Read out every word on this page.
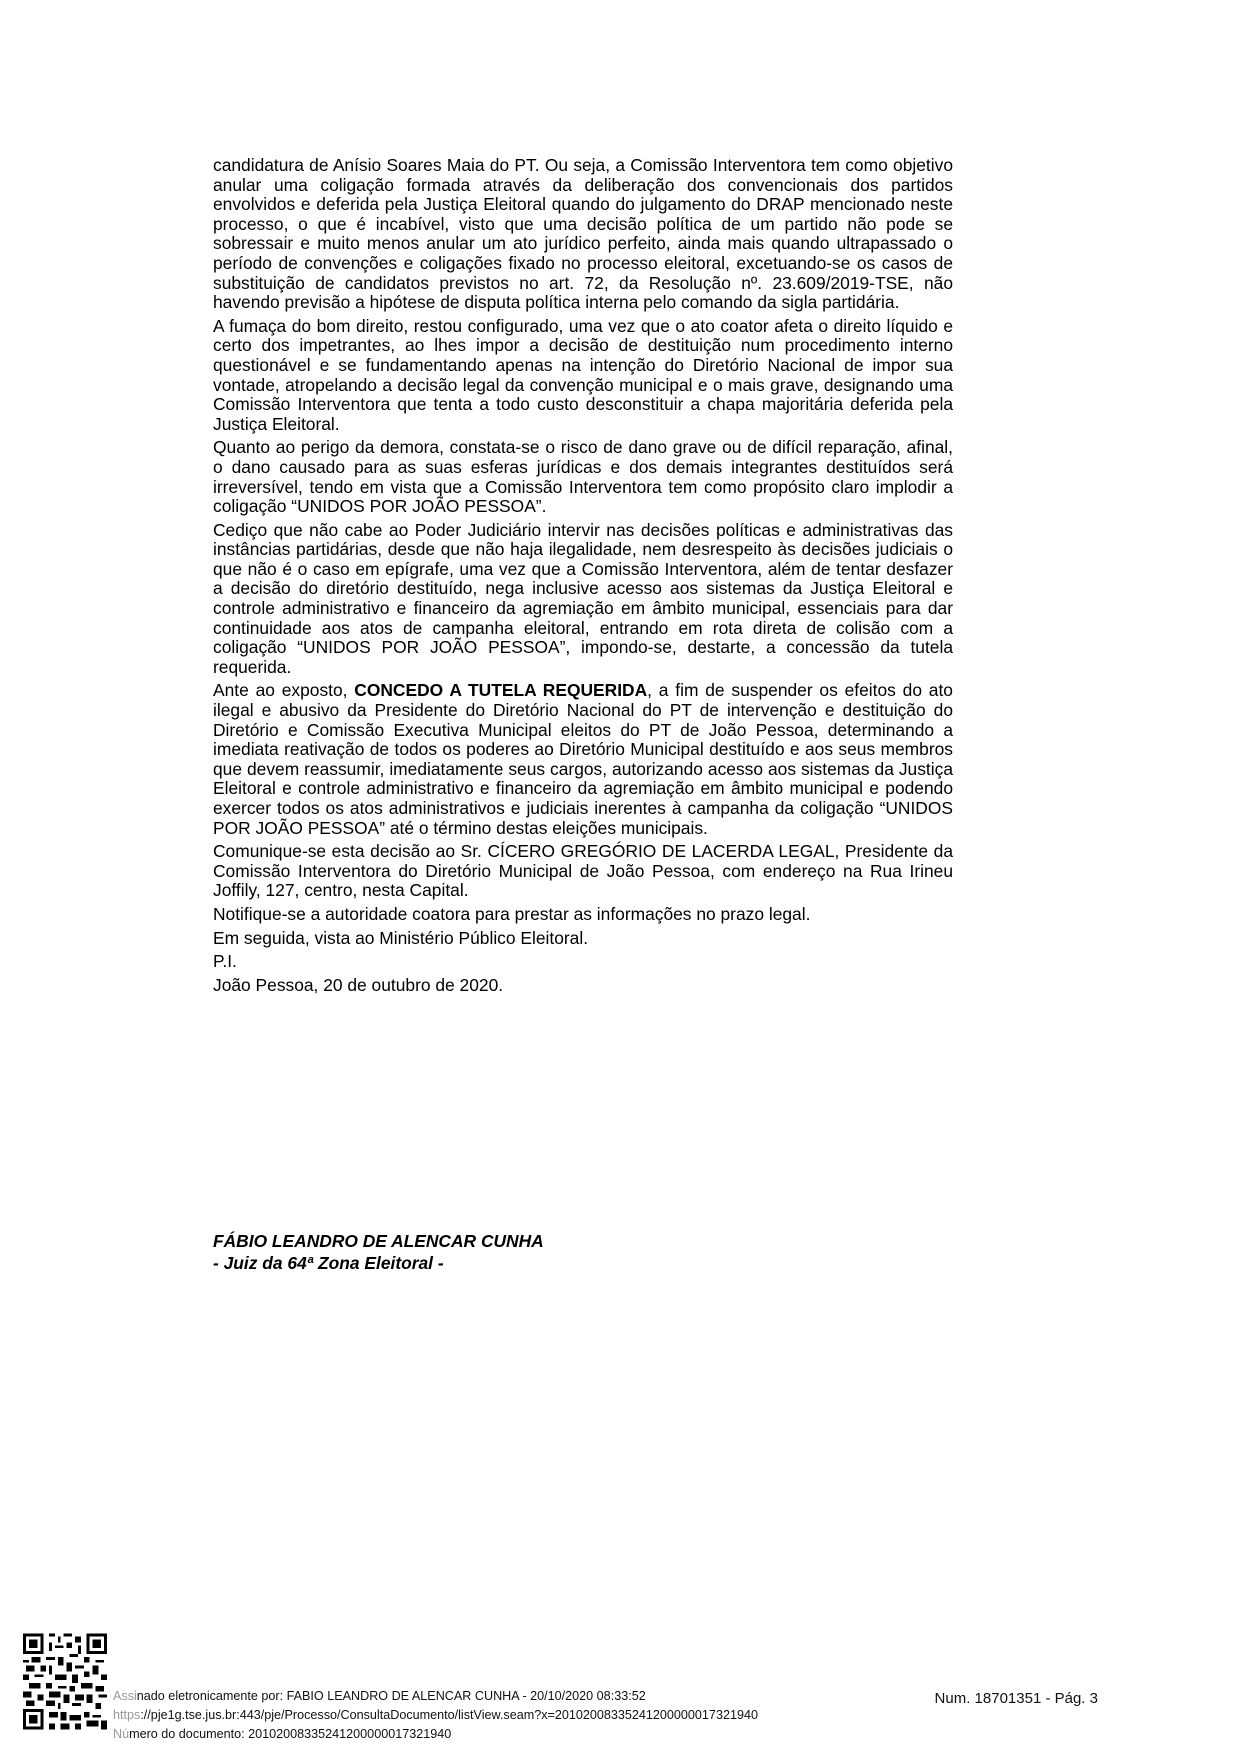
candidatura de Anísio Soares Maia do PT. Ou seja, a Comissão Interventora tem como objetivo anular uma coligação formada através da deliberação dos convencionais dos partidos envolvidos e deferida pela Justiça Eleitoral quando do julgamento do DRAP mencionado neste processo, o que é incabível, visto que uma decisão política de um partido não pode se sobressair e muito menos anular um ato jurídico perfeito, ainda mais quando ultrapassado o período de convenções e coligações fixado no processo eleitoral, excetuando-se os casos de substituição de candidatos previstos no art. 72, da Resolução nº. 23.609/2019-TSE, não havendo previsão a hipótese de disputa política interna pelo comando da sigla partidária.

A fumaça do bom direito, restou configurado, uma vez que o ato coator afeta o direito líquido e certo dos impetrantes, ao lhes impor a decisão de destituição num procedimento interno questionável e se fundamentando apenas na intenção do Diretório Nacional de impor sua vontade, atropelando a decisão legal da convenção municipal e o mais grave, designando uma Comissão Interventora que tenta a todo custo desconstituir a chapa majoritária deferida pela Justiça Eleitoral.

Quanto ao perigo da demora, constata-se o risco de dano grave ou de difícil reparação, afinal, o dano causado para as suas esferas jurídicas e dos demais integrantes destituídos será irreversível, tendo em vista que a Comissão Interventora tem como propósito claro implodir a coligação “UNIDOS POR JOÃO PESSOA”.

Cediço que não cabe ao Poder Judiciário intervir nas decisões políticas e administrativas das instâncias partidárias, desde que não haja ilegalidade, nem desrespeito às decisões judiciais o que não é o caso em epígrafe, uma vez que a Comissão Interventora, além de tentar desfazer a decisão do diretório destituído, nega inclusive acesso aos sistemas da Justiça Eleitoral e controle administrativo e financeiro da agremiação em âmbito municipal, essenciais para dar continuidade aos atos de campanha eleitoral, entrando em rota direta de colisão com a coligação “UNIDOS POR JOÃO PESSOA”, impondo-se, destarte, a concessão da tutela requerida.

Ante ao exposto, CONCEDO A TUTELA REQUERIDA, a fim de suspender os efeitos do ato ilegal e abusivo da Presidente do Diretório Nacional do PT de intervenção e destituição do Diretório e Comissão Executiva Municipal eleitos do PT de João Pessoa, determinando a imediata reativação de todos os poderes ao Diretório Municipal destituído e aos seus membros que devem reassumir, imediatamente seus cargos, autorizando acesso aos sistemas da Justiça Eleitoral e controle administrativo e financeiro da agremiação em âmbito municipal e podendo exercer todos os atos administrativos e judiciais inerentes à campanha da coligação “UNIDOS POR JOÃO PESSOA” até o término destas eleições municipais.

Comunique-se esta decisão ao Sr. CÍCERO GREGÓRIO DE LACERDA LEGAL, Presidente da Comissão Interventora do Diretório Municipal de João Pessoa, com endereço na Rua Irineu Joffily, 127, centro, nesta Capital.

Notifique-se a autoridade coatora para prestar as informações no prazo legal.

Em seguida, vista ao Ministério Público Eleitoral.

P.I.

João Pessoa, 20 de outubro de 2020.

FÁBIO LEANDRO DE ALENCAR CUNHA
- Juiz da 64ª Zona Eleitoral -
Assinado eletronicamente por: FABIO LEANDRO DE ALENCAR CUNHA - 20/10/2020 08:33:52
https://pje1g.tse.jus.br:443/pje/Processo/ConsultaDocumento/listView.seam?x=20102008335241200000017321940
Número do documento: 20102008335241200000017321940
Num. 18701351 - Pág. 3
